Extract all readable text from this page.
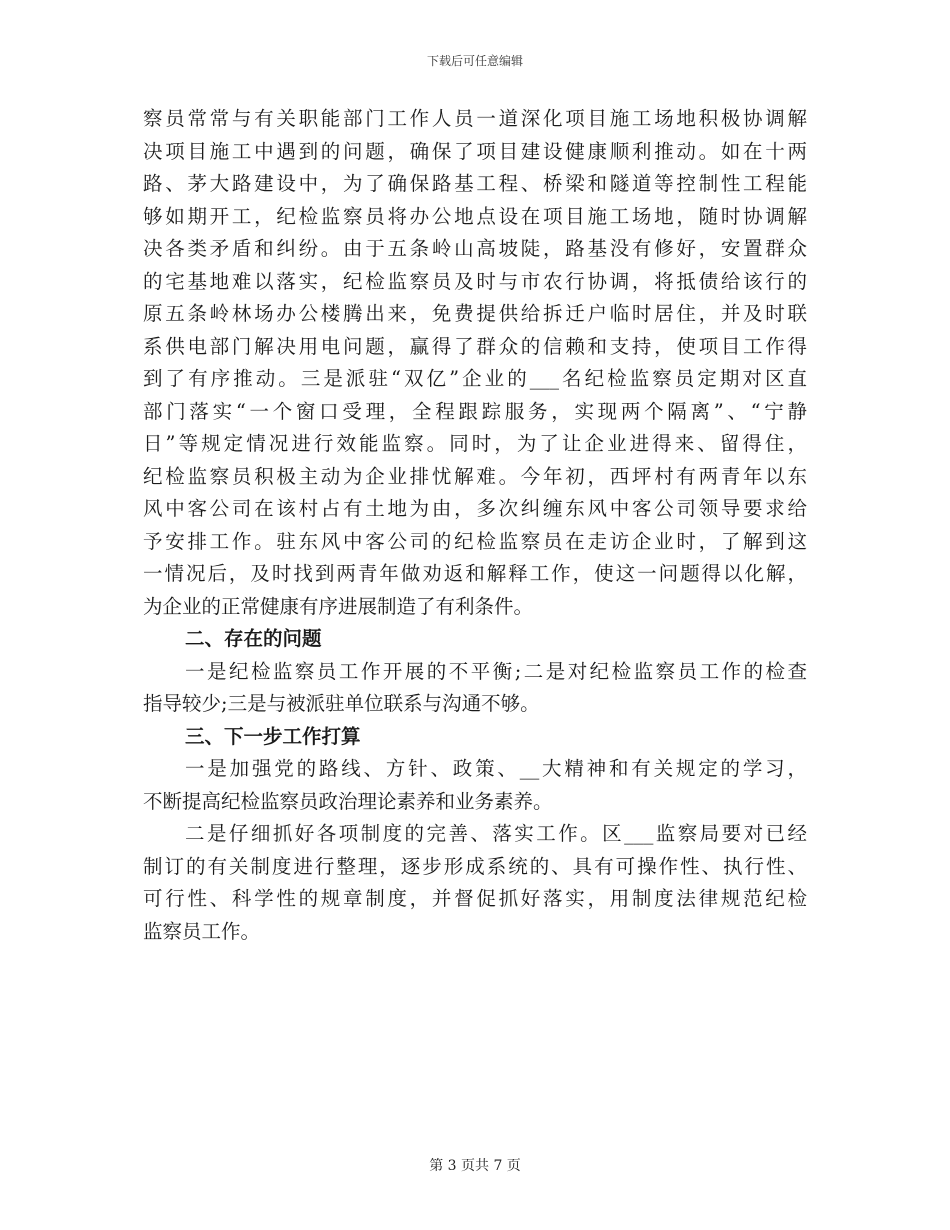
下载后可任意编辑
察员常常与有关职能部门工作人员一道深化项目施工场地积极协调解
决项目施工中遇到的问题，确保了项目建设健康顺利推动。如在十两
路、茅大路建设中，为了确保路基工程、桥梁和隧道等控制性工程能
够如期开工，纪检监察员将办公地点设在项目施工场地，随时协调解
决各类矛盾和纠纷。由于五条岭山高坡陡，路基没有修好，安置群众
的宅基地难以落实，纪检监察员及时与市农行协调，将抵债给该行的
原五条岭林场办公楼腾出来，免费提供给拆迁户临时居住，并及时联
系供电部门解决用电问题，赢得了群众的信赖和支持，使项目工作得
到了有序推动。三是派驻“双亿”企业的___名纪检监察员定期对区直
部门落实“一个窗口受理，全程跟踪服务，实现两个隔离”、“宁静
日”等规定情况进行效能监察。同时，为了让企业进得来、留得住，
纪检监察员积极主动为企业排忧解难。今年初，西坪村有两青年以东
风中客公司在该村占有土地为由，多次纠缠东风中客公司领导要求给
予安排工作。驻东风中客公司的纪检监察员在走访企业时，了解到这
一情况后，及时找到两青年做劝返和解释工作，使这一问题得以化解，
为企业的正常健康有序进展制造了有利条件。
二、存在的问题
一是纪检监察员工作开展的不平衡;二是对纪检监察员工作的检查
指导较少;三是与被派驻单位联系与沟通不够。
三、下一步工作打算
一是加强党的路线、方针、政策、__大精神和有关规定的学习，
不断提高纪检监察员政治理论素养和业务素养。
二是仔细抓好各项制度的完善、落实工作。区___监察局要对已经
制订的有关制度进行整理，逐步形成系统的、具有可操作性、执行性、
可行性、科学性的规章制度，并督促抓好落实，用制度法律规范纪检
监察员工作。
第 3 页共 7 页
